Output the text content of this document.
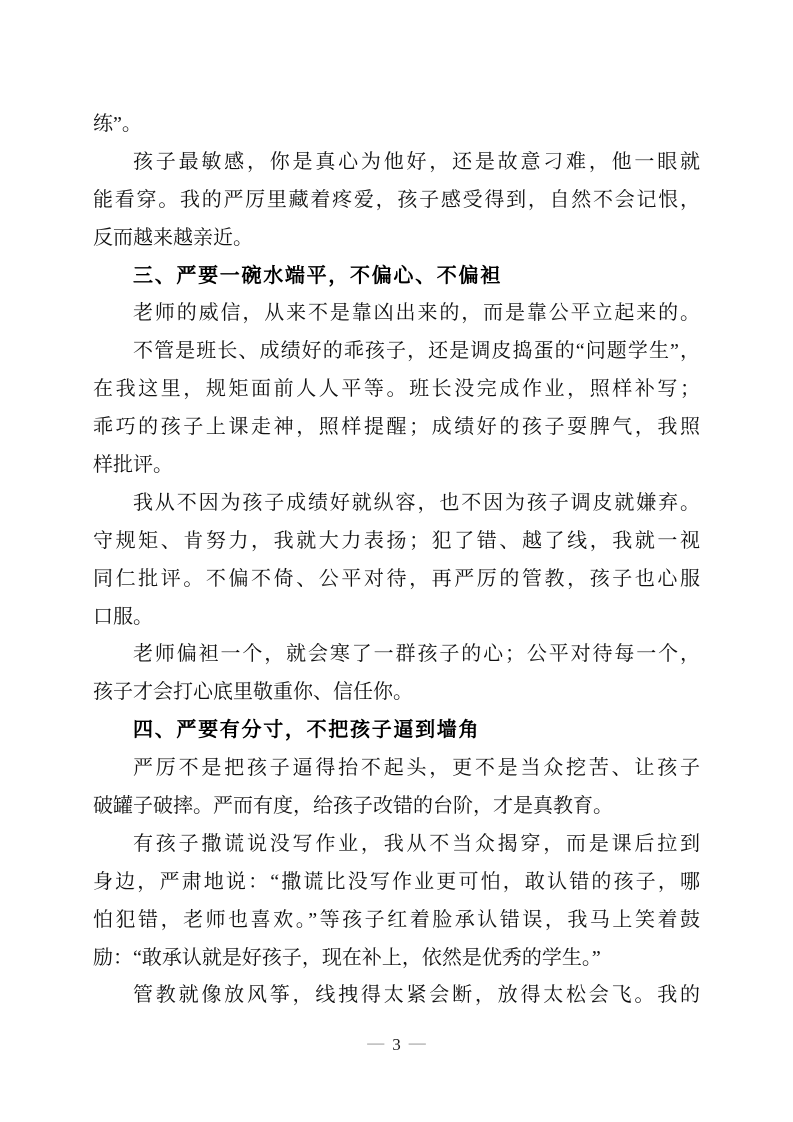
练”。
孩子最敏感，你是真心为他好，还是故意刁难，他一眼就
能看穿。我的严厉里藏着疼爱，孩子感受得到，自然不会记恨，
反而越来越亲近。
三、严要一碗水端平，不偏心、不偏袒
老师的威信，从来不是靠凶出来的，而是靠公平立起来的。
不管是班长、成绩好的乖孩子，还是调皮捣蛋的“问题学生”，
在我这里，规矩面前人人平等。班长没完成作业，照样补写；
乖巧的孩子上课走神，照样提醒；成绩好的孩子耍脾气，我照
样批评。
我从不因为孩子成绩好就纵容，也不因为孩子调皮就嫌弃。
守规矩、肯努力，我就大力表扬；犯了错、越了线，我就一视
同仁批评。不偏不倚、公平对待，再严厉的管教，孩子也心服
口服。
老师偏袒一个，就会寒了一群孩子的心；公平对待每一个，
孩子才会打心底里敬重你、信任你。
四、严要有分寸，不把孩子逼到墙角
严厉不是把孩子逼得抬不起头，更不是当众挖苦、让孩子
破罐子破摔。严而有度，给孩子改错的台阶，才是真教育。
有孩子撒谎说没写作业，我从不当众揭穿，而是课后拉到
身边，严肃地说：“撒谎比没写作业更可怕，敢认错的孩子，哪
怕犯错，老师也喜欢。”等孩子红着脸承认错误，我马上笑着鼓
励：“敢承认就是好孩子，现在补上，依然是优秀的学生。”
管教就像放风筝，线拽得太紧会断，放得太松会飞。我的
— 3 —
